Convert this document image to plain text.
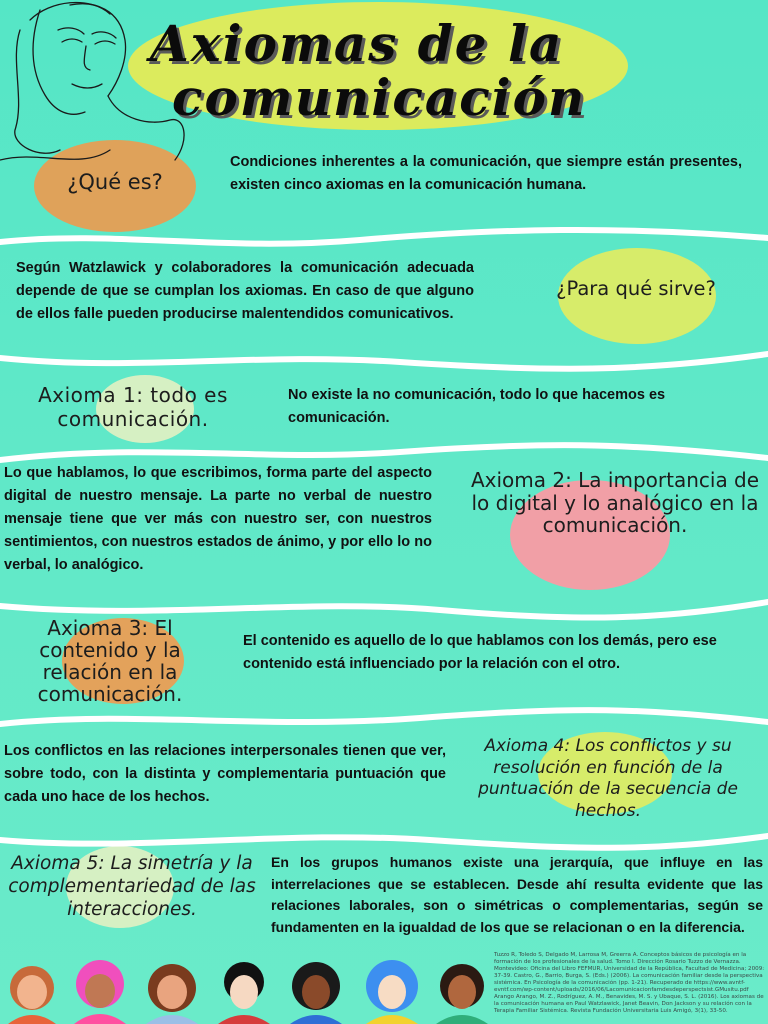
Axiomas de la
comunicación
¿Qué es?
Condiciones inherentes a la comunicación, que siempre están presentes, existen cinco axiomas en la comunicación humana.
Según Watzlawick y colaboradores la comunicación adecuada depende de que se cumplan los axiomas. En caso de que alguno de ellos falle pueden producirse malentendidos comunicativos.
¿Para qué sirve?
Axioma 1: todo es comunicación.
No existe la no comunicación, todo lo que hacemos es comunicación.
Lo que hablamos, lo que escribimos, forma parte del aspecto digital de nuestro mensaje. La parte no verbal de nuestro mensaje tiene que ver más con nuestro ser, con nuestros sentimientos, con nuestros estados de ánimo, y por ello lo no verbal, lo analógico.
Axioma 2: La importancia de lo digital y lo analógico en la comunicación.
Axioma 3: El contenido y la relación en la comunicación.
El contenido es aquello de lo que hablamos con los demás, pero ese contenido está influenciado por la relación con el otro.
Los conflictos en las relaciones interpersonales tienen que ver, sobre todo, con la distinta y complementaria puntuación que cada uno hace de los hechos.
Axioma 4: Los conflictos y su resolución en función de la puntuación de la secuencia de hechos.
Axioma 5: La simetría y la complementariedad de las interacciones.
En los grupos humanos existe una jerarquía, que influye en las interrelaciones que se establecen. Desde ahí resulta evidente que las relaciones laborales, son o simétricas o complementarias, según se fundamenten en la igualdad de los que se relacionan o en la diferencia.
Tuzzo R, Toledo S, Delgado M, Larrosa M, Greerra A. Conceptos básicos de psicología en la formación de los profesionales de la salud. Tomo I. Dirección Rosario Tuzzo de Vernazza. Montevideo: Oficina del Libro FEFMUR, Universidad de la República, Facultad de Medicina; 2009: 37-39. Castro, G., Barrio, Burga, S. (Eds.) (2006). La comunicación familiar desde la perspectiva sistémica. En Psicología de la comunicación (pp. 1-21). Recuperado de https://www.avntf-evntf.com/wp-content/uploads/2016/06/Lacomunicacionfamdesdeperspectsist.GMusitu.pdf Arango Arango, M. Z., Rodríguez, A. M., Benavides, M. S. y Ubaque, S. L. (2016). Los axiomas de la comunicación humana en Paul Watzlawick, Janet Beavin, Don Jackson y su relación con la Terapia Familiar Sistémica. Revista Fundación Universitaria Luis Amigó, 3(1), 33-50.
